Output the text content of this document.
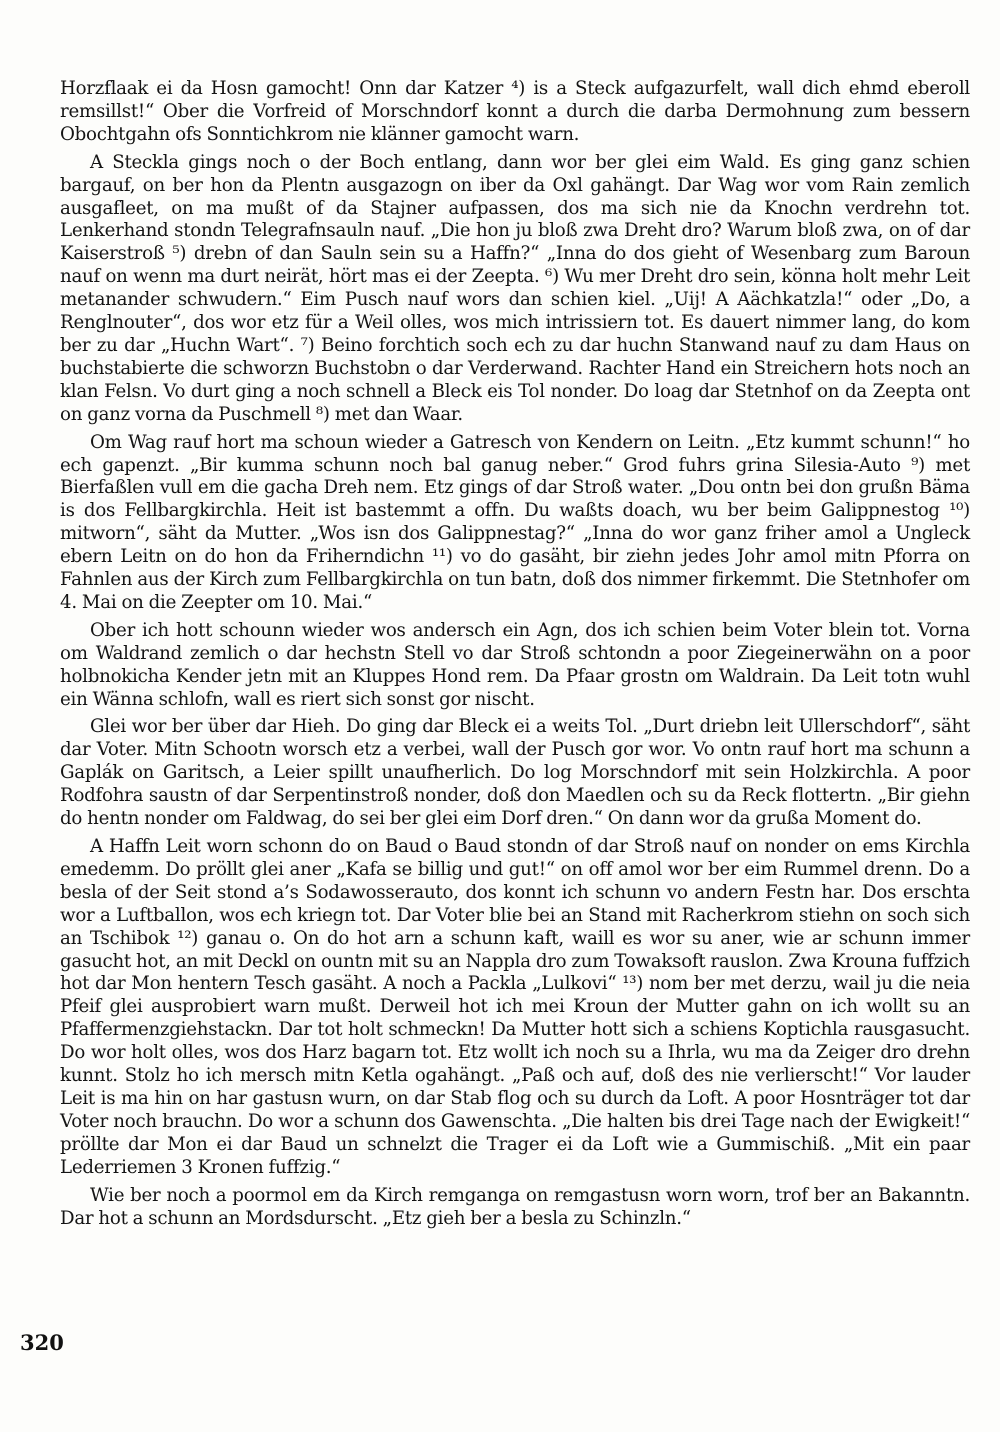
Horzflaak ei da Hosn gamocht! Onn dar Katzer ⁴) is a Steck aufgazurfelt, wall dich ehmd eberoll remsillst!“ Ober die Vorfreid of Morschndorf konnt a durch die darba Dermohnung zum bessern Obochtgahn ofs Sonntichkrom nie klänner gamocht warn.

A Steckla gings noch o der Boch entlang, dann wor ber glei eim Wald. Es ging ganz schien bargauf, on ber hon da Plentn ausgazogn on iber da Oxl gahängt. Dar Wag wor vom Rain zemlich ausgafleet, on ma mußt of da Stajner aufpassen, dos ma sich nie da Knochn verdrehn tot. Lenkerhand stondn Telegrafnsauln nauf. „Die hon ju bloß zwa Dreht dro? Warum bloß zwa, on of dar Kaiserstroß ⁵) drebn of dan Sauln sein su a Haffn?“ „Inna do dos gieht of Wesenbarg zum Baroun nauf on wenn ma durt neirät, hört mas ei der Zeepta. ⁶) Wu mer Dreht dro sein, könna holt mehr Leit metanander schwudern.“ Eim Pusch nauf wors dan schien kiel. „Uij! A Aächkatzla!“ oder „Do, a Renglnouter“, dos wor etz für a Weil olles, wos mich intrissiern tot. Es dauert nimmer lang, do kom ber zu dar „Huchn Wart“. ⁷) Beino forchtich soch ech zu dar huchn Stanwand nauf zu dam Haus on buchstabierte die schworzn Buchstobn o dar Verderwand. Rachter Hand ein Streichern hots noch an klan Felsn. Vo durt ging a noch schnell a Bleck eis Tol nonder. Do loag dar Stetnhof on da Zeepta ont on ganz vorna da Puschmell ⁸) met dan Waar.

Om Wag rauf hort ma schoun wieder a Gatresch von Kendern on Leitn. „Etz kummt schunn!“ ho ech gapenzt. „Bir kumma schunn noch bal ganug neber.“ Grod fuhrs grina Silesia-Auto ⁹) met Bierfaßlen vull em die gacha Dreh nem. Etz gings of dar Stroß water. „Dou ontn bei don grußn Bäma is dos Fellbargkirchla. Heit ist bastemmt a offn. Du waßts doach, wu ber beim Galippnestog ¹⁰) mitworn“, säht da Mutter. „Wos isn dos Galippnestag?“ „Inna do wor ganz friher amol a Ungleck ebern Leitn on do hon da Friherndichn ¹¹) vo do gasäht, bir ziehn jedes Johr amol mitn Pforra on Fahnlen aus der Kirch zum Fellbargkirchla on tun batn, doß dos nimmer firkemmt. Die Stetnhofer om 4. Mai on die Zeepter om 10. Mai.“

Ober ich hott schounn wieder wos andersch ein Agn, dos ich schien beim Voter blein tot. Vorna om Waldrand zemlich o dar hechstn Stell vo dar Stroß schtondn a poor Ziegeinerwähn on a poor holbnokicha Kender jetn mit an Kluppes Hond rem. Da Pfaar grostn om Waldrain. Da Leit totn wuhl ein Wänna schlofn, wall es riert sich sonst gor nischt.

Glei wor ber über dar Hieh. Do ging dar Bleck ei a weits Tol. „Durt driebn leit Ullerschdorf“, säht dar Voter. Mitn Schootn worsch etz a verbei, wall der Pusch gor wor. Vo ontn rauf hort ma schunn a Gaplák on Garitsch, a Leier spillt unaufherlich. Do log Morschndorf mit sein Holzkirchla. A poor Rodfohra saustn of dar Serpentinstroß nonder, doß don Maedlen och su da Reck flottertn. „Bir giehn do hentn nonder om Faldwag, do sei ber glei eim Dorf dren.“ On dann wor da grußa Moment do.

A Haffn Leit worn schonn do on Baud o Baud stondn of dar Stroß nauf on nonder on ems Kirchla emedemm. Do pröllt glei aner „Kafa se billig und gut!“ on off amol wor ber eim Rummel drenn. Do a besla of der Seit stond a’s Sodawosserauto, dos konnt ich schunn vo andern Festn har. Dos erschta wor a Luftballon, wos ech kriegn tot. Dar Voter blie bei an Stand mit Racherkrom stiehn on soch sich an Tschibok ¹²) ganau o. On do hot arn a schunn kaft, waill es wor su aner, wie ar schunn immer gasucht hot, an mit Deckl on ountn mit su an Nappla dro zum Towaksoft rauslon. Zwa Krouna fuffzich hot dar Mon hentern Tesch gasäht. A noch a Packla „Lulkovi“ ¹³) nom ber met derzu, wail ju die neia Pfeif glei ausprobiert warn mußt. Derweil hot ich mei Kroun der Mutter gahn on ich wollt su an Pfaffermenzgiehstackn. Dar tot holt schmeckn! Da Mutter hott sich a schiens Koptichla rausgasucht. Do wor holt olles, wos dos Harz bagarn tot. Etz wollt ich noch su a Ihrla, wu ma da Zeiger dro drehn kunnt. Stolz ho ich mersch mitn Ketla ogahängt. „Paß och auf, doß des nie verlierscht!“ Vor lauder Leit is ma hin on har gastusn wurn, on dar Stab flog och su durch da Loft. A poor Hosnträger tot dar Voter noch brauchn. Do wor a schunn dos Gawenschta. „Die halten bis drei Tage nach der Ewigkeit!“ pröllte dar Mon ei dar Baud un schnelzt die Trager ei da Loft wie a Gummischiß. „Mit ein paar Lederriemen 3 Kronen fuffzig.“

Wie ber noch a poormol em da Kirch remganga on remgastusn worn worn, trof ber an Bakanntn. Dar hot a schunn an Mordsdurscht. „Etz gieh ber a besla zu Schinzln.“

320
